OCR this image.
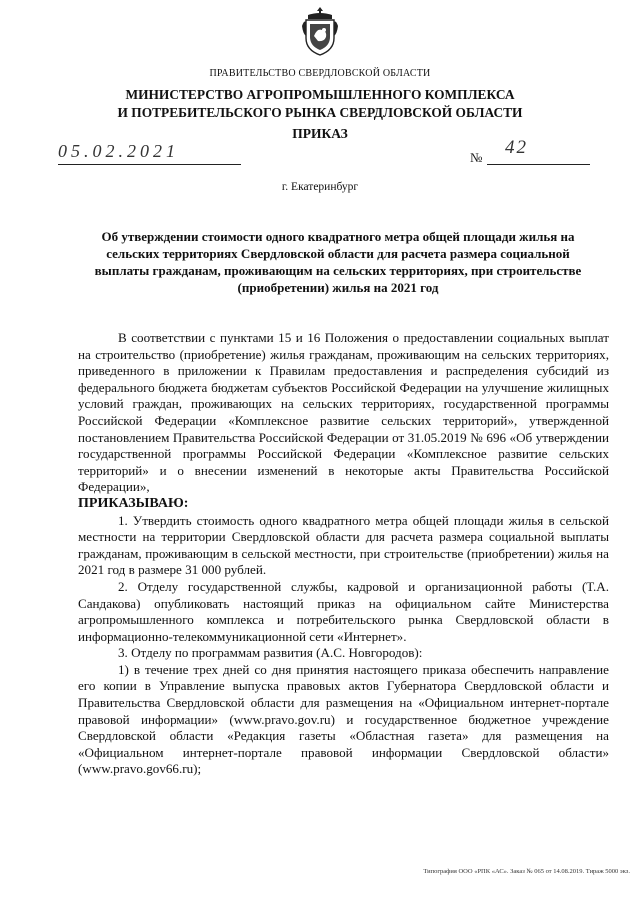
ПРАВИТЕЛЬСТВО СВЕРДЛОВСКОЙ ОБЛАСТИ
МИНИСТЕРСТВО АГРОПРОМЫШЛЕННОГО КОМПЛЕКСА
И ПОТРЕБИТЕЛЬСКОГО РЫНКА СВЕРДЛОВСКОЙ ОБЛАСТИ
ПРИКАЗ
05.02.2021	№ 42
г. Екатеринбург
Об утверждении стоимости одного квадратного метра общей площади жилья на сельских территориях Свердловской области для расчета размера социальной выплаты гражданам, проживающим на сельских территориях, при строительстве (приобретении) жилья на 2021 год

В соответствии с пунктами 15 и 16 Положения о предоставлении социальных выплат на строительство (приобретение) жилья гражданам, проживающим на сельских территориях, приведенного в приложении к Правилам предоставления и распределения субсидий из федерального бюджета бюджетам субъектов Российской Федерации на улучшение жилищных условий граждан, проживающих на сельских территориях, государственной программы Российской Федерации «Комплексное развитие сельских территорий», утвержденной постановлением Правительства Российской Федерации от 31.05.2019 № 696 «Об утверждении государственной программы Российской Федерации «Комплексное развитие сельских территорий» и о внесении изменений в некоторые акты Правительства Российской Федерации»,

ПРИКАЗЫВАЮ:

1. Утвердить стоимость одного квадратного метра общей площади жилья в сельской местности на территории Свердловской области для расчета размера социальной выплаты гражданам, проживающим в сельской местности, при строительстве (приобретении) жилья на 2021 год в размере 31 000 рублей.

2. Отделу государственной службы, кадровой и организационной работы (Т.А. Сандакова) опубликовать настоящий приказ на официальном сайте Министерства агропромышленного комплекса и потребительского рынка Свердловской области в информационно-телекоммуникационной сети «Интернет».

3. Отделу по программам развития (А.С. Новгородов):

1) в течение трех дней со дня принятия настоящего приказа обеспечить направление его копии в Управление выпуска правовых актов Губернатора Свердловской области и Правительства Свердловской области для размещения на «Официальном интернет-портале правовой информации» (www.pravo.gov.ru) и государственное бюджетное учреждение Свердловской области «Редакция газеты «Областная газета» для размещения на «Официальном интернет-портале правовой информации Свердловской области» (www.pravo.gov66.ru);

Типография ООО «РПК «АС». Заказ № 065 от 14.08.2019. Тираж 5000 экз.
